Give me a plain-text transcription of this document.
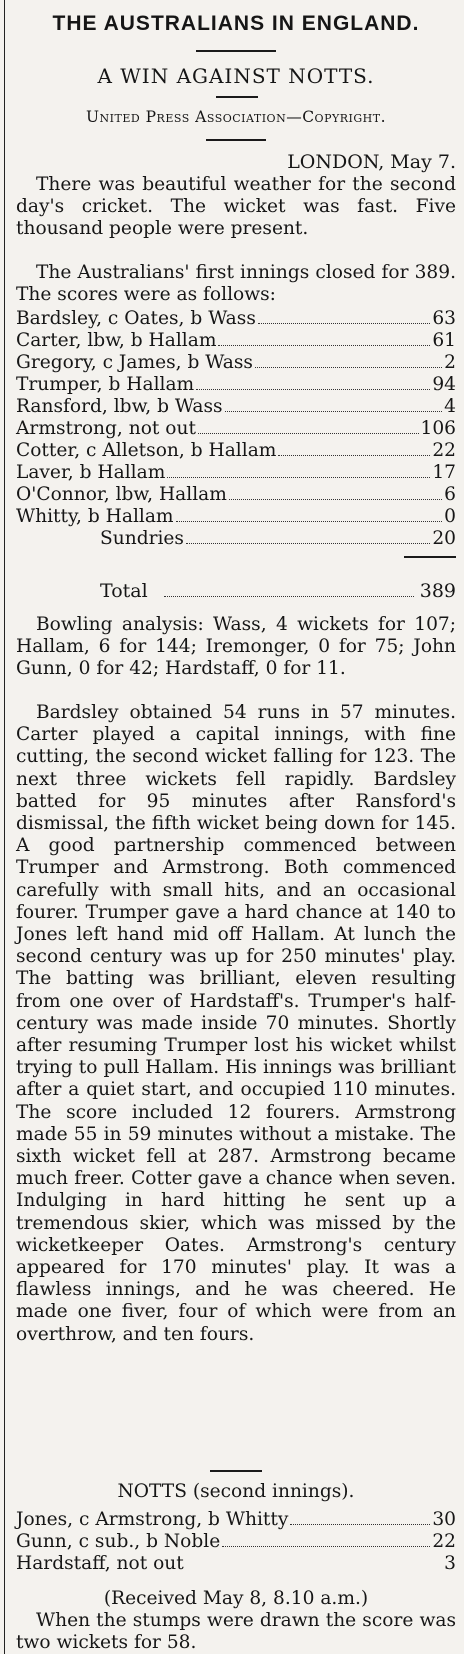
THE AUSTRALIANS IN ENGLAND.
A WIN AGAINST NOTTS.
United Press Association—Copyright.
LONDON, May 7.
There was beautiful weather for the second day's cricket. The wicket was fast. Five thousand people were present.
The Australians' first innings closed for 389. The scores were as follows:
Bardsley, c Oates, b Wass	63
Carter, lbw, b Hallam	61
Gregory, c James, b Wass	2
Trumper, b Hallam	94
Ransford, lbw, b Wass	4
Armstrong, not out	106
Cotter, c Alletson, b Hallam	22
Laver, b Hallam	17
O'Connor, lbw, Hallam	6
Whitty, b Hallam	0
Sundries	20
Total	389
Bowling analysis: Wass, 4 wickets for 107; Hallam, 6 for 144; Iremonger, 0 for 75; John Gunn, 0 for 42; Hardstaff, 0 for 11.
Bardsley obtained 54 runs in 57 minutes. Carter played a capital innings, with fine cutting, the second wicket falling for 123. The next three wickets fell rapidly. Bardsley batted for 95 minutes after Ransford's dismissal, the fifth wicket being down for 145. A good partnership commenced between Trumper and Armstrong. Both commenced carefully with small hits, and an occasional fourer. Trumper gave a hard chance at 140 to Jones left hand mid off Hallam. At lunch the second century was up for 250 minutes' play. The batting was brilliant, eleven resulting from one over of Hardstaff's. Trumper's half-century was made inside 70 minutes. Shortly after resuming Trumper lost his wicket whilst trying to pull Hallam. His innings was brilliant after a quiet start, and occupied 110 minutes. The score included 12 fourers. Armstrong made 55 in 59 minutes without a mistake. The sixth wicket fell at 287. Armstrong became much freer. Cotter gave a chance when seven. Indulging in hard hitting he sent up a tremendous skier, which was missed by the wicketkeeper Oates. Armstrong's century appeared for 170 minutes' play. It was a flawless innings, and he was cheered. He made one fiver, four of which were from an overthrow, and ten fours.
NOTTS (second innings).
Jones, c Armstrong, b Whitty	30
Gunn, c sub., b Noble	22
Hardstaff, not out	3
(Received May 8, 8.10 a.m.)
When the stumps were drawn the score was two wickets for 58.
